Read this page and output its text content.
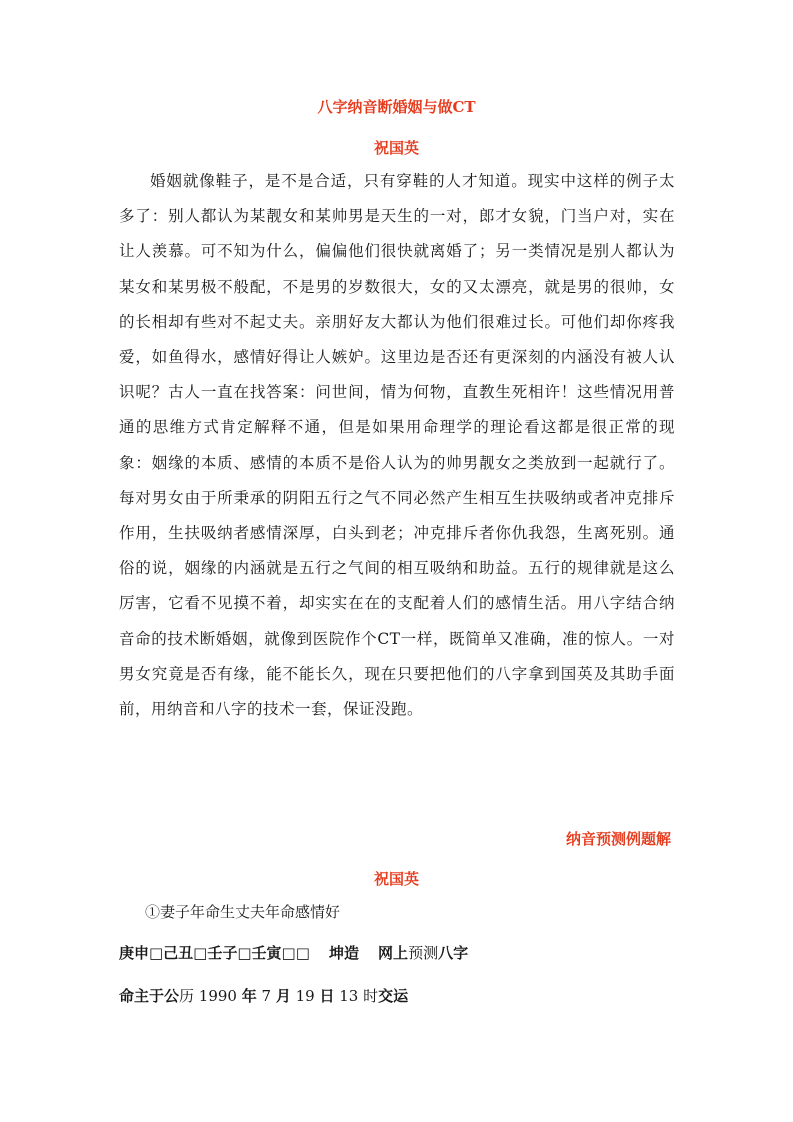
八字纳音断婚姻与做CT
祝国英

婚姻就像鞋子，是不是合适，只有穿鞋的人才知道。现实中这样的例子太多了：别人都认为某靓女和某帅男是天生的一对，郎才女貌，门当户对，实在让人羡慕。可不知为什么，偏偏他们很快就离婚了；另一类情况是别人都认为某女和某男极不般配，不是男的岁数很大，女的又太漂亮，就是男的很帅，女的长相却有些对不起丈夫。亲朋好友大都认为他们很难过长。可他们却你疼我爱，如鱼得水，感情好得让人嫉妒。这里边是否还有更深刻的内涵没有被人认识呢？古人一直在找答案：问世间，情为何物，直教生死相许！这些情况用普通的思维方式肯定解释不通，但是如果用命理学的理论看这都是很正常的现象：姻缘的本质、感情的本质不是俗人认为的帅男靓女之类放到一起就行了。每对男女由于所秉承的阴阳五行之气不同必然产生相互生扶吸纳或者冲克排斥作用，生扶吸纳者感情深厚，白头到老；冲克排斥者你仇我怨，生离死别。通俗的说，姻缘的内涵就是五行之气间的相互吸纳和助益。五行的规律就是这么厉害，它看不见摸不着，却实实在在的支配着人们的感情生活。用八字结合纳音命的技术断婚姻，就像到医院作个CT一样，既简单又准确，准的惊人。一对男女究竟是否有缘，能不能长久，现在只要把他们的八字拿到国英及其助手面前，用纳音和八字的技术一套，保证没跑。

纳音预测例题解
祝国英

①妻子年命生丈夫年命感情好

庚申□己丑□壬子□壬寅□□ 坤造 网上预测八字

命主于公历 1990 年 7 月 19 日 13 时交运
